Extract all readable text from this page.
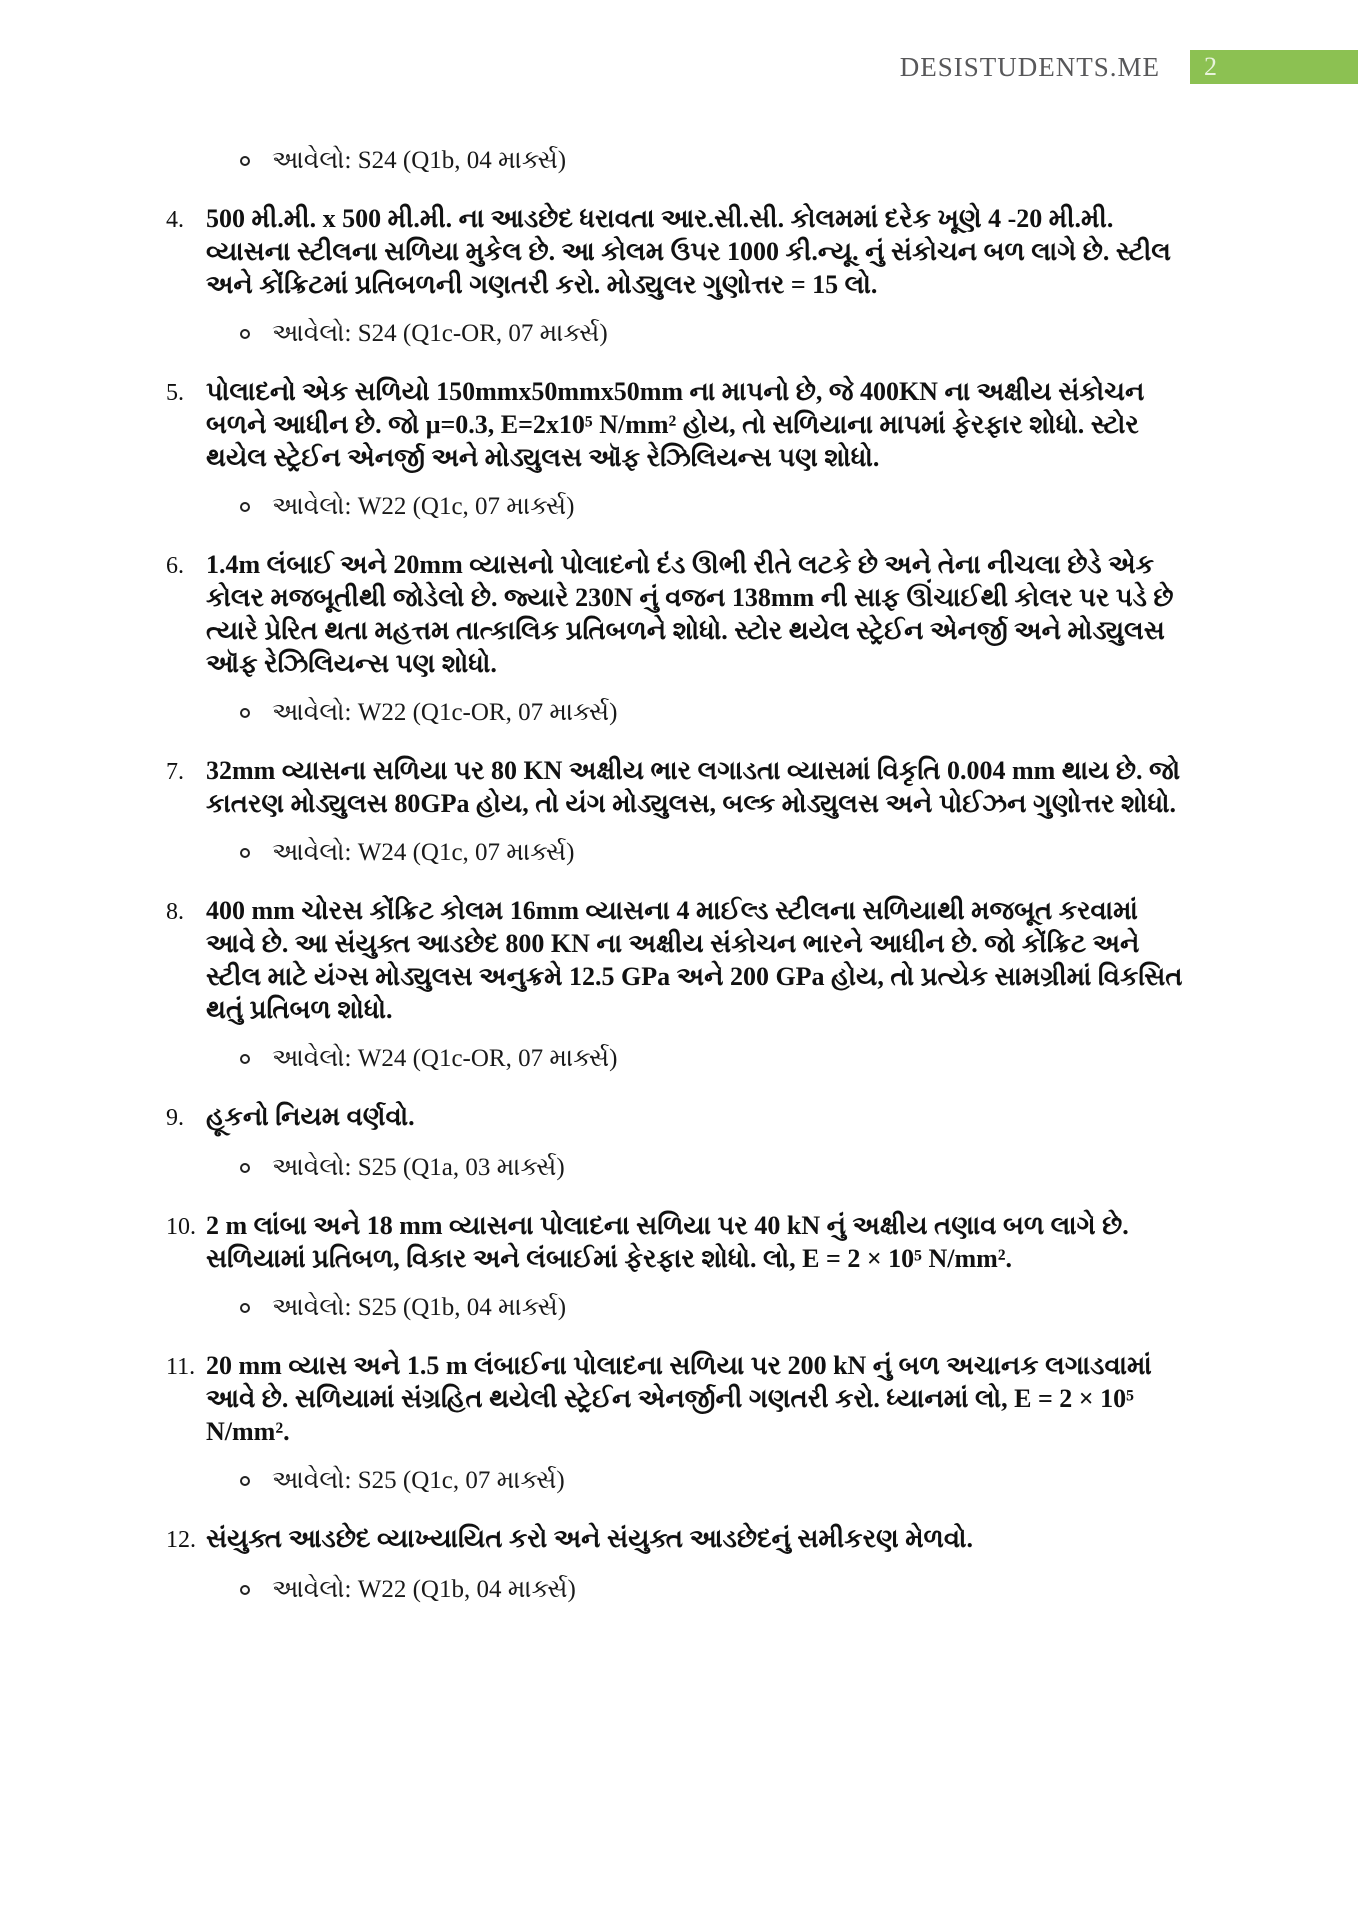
DESISTUDENTS.ME 2
આવેલો: S24 (Q1b, 04 માર્ક્સ)
4. 500 મી.મી. x 500 મી.મી. ના આડછેદ ધરાવતા આર.સી.સી. કોલમમાં દરેક ખૂણે 4 -20 મી.મી. વ્યાસના સ્ટીલના સળિયા મુકેલ છે. આ કોલમ ઉપર 1000 કી.ન્યૂ. નું સંકોચન બળ લાગે છે. સ્ટીલ અને કોંક્રિટમાં પ્રતિબળની ગણતરી કરો. મોડ્યુલર ગુણોત્તર = 15 લો.
આવેલો: S24 (Q1c-OR, 07 માર્ક્સ)
5. પોલાદનો એક સળિયો 150mmx50mmx50mm ના માપનો છે, જે 400KN ના અક્ષીય સંકોચન બળને આધીન છે. જો μ=0.3, E=2x10⁵ N/mm² હોય, તો સળિયાના માપમાં ફેરફાર શોધો. સ્ટોર થયેલ સ્ટ્રેઈન એનર્જી અને મોડ્યુલસ ઑફ રેઝિલિયન્સ પણ શોધો.
આવેલો: W22 (Q1c, 07 માર્ક્સ)
6. 1.4m લંબાઈ અને 20mm વ્યાસનો પોલાદનો દંડ ઊભી રીતે લટકે છે અને તેના નીચલા છેડે એક કોલર મજબૂતીથી જોડેલો છે. જ્યારે 230N નું વજન 138mm ની સાફ ઊંચાઈથી કોલર પર પડે છે ત્યારે પ્રેરિત થતા મહત્તમ તાત્કાલિક પ્રતિબળને શોધો. સ્ટોર થયેલ સ્ટ્રેઈન એનર્જી અને મોડ્યુલસ ઑફ રેઝિલિયન્સ પણ શોધો.
આવેલો: W22 (Q1c-OR, 07 માર્ક્સ)
7. 32mm વ્યાસના સળિયા પર 80 KN અક્ષીય ભાર લગાડતા વ્યાસમાં વિકૃતિ 0.004 mm થાય છે. જો કાતરણ મોડ્યુલસ 80GPa હોય, તો યંગ મોડ્યુલસ, બલ્ક મોડ્યુલસ અને પોઈઝન ગુણોત્તર શોધો.
આવેલો: W24 (Q1c, 07 માર્ક્સ)
8. 400 mm ચોરસ કોંક્રિટ કોલમ 16mm વ્યાસના 4 માઈલ્ડ સ્ટીલના સળિયાથી મજબૂત કરવામાં આવે છે. આ સંયુક્ત આડછેદ 800 KN ના અક્ષીય સંકોચન ભારને આધીન છે. જો કોંક્રિટ અને સ્ટીલ માટે યંગ્સ મોડ્યુલસ અનુક્રમે 12.5 GPa અને 200 GPa હોય, તો પ્રત્યેક સામગ્રીમાં વિકસિત થતું પ્રતિબળ શોધો.
આવેલો: W24 (Q1c-OR, 07 માર્ક્સ)
9. હૂકનો નિયમ વર્ણવો.
આવેલો: S25 (Q1a, 03 માર્ક્સ)
10. 2 m લાંબા અને 18 mm વ્યાસના પોલાદના સળિયા પર 40 kN નું અક્ષીય તણાવ બળ લાગે છે. સળિયામાં પ્રતિબળ, વિકાર અને લંબાઈમાં ફેરફાર શોધો. લો, E = 2 × 10⁵ N/mm².
આવેલો: S25 (Q1b, 04 માર્ક્સ)
11. 20 mm વ્યાસ અને 1.5 m લંબાઈના પોલાદના સળિયા પર 200 kN નું બળ અચાનક લગાડવામાં આવે છે. સળિયામાં સંગ્રહિત થયેલી સ્ટ્રેઈન એનર્જીની ગણતરી કરો. ધ્યાનમાં લો, E = 2 × 10⁵ N/mm².
આવેલો: S25 (Q1c, 07 માર્ક્સ)
12. સંયુક્ત આડછેદ વ્યાખ્યાયિત કરો અને સંયુક્ત આડછેદનું સમીકરણ મેળવો.
આવેલો: W22 (Q1b, 04 માર્ક્સ)
